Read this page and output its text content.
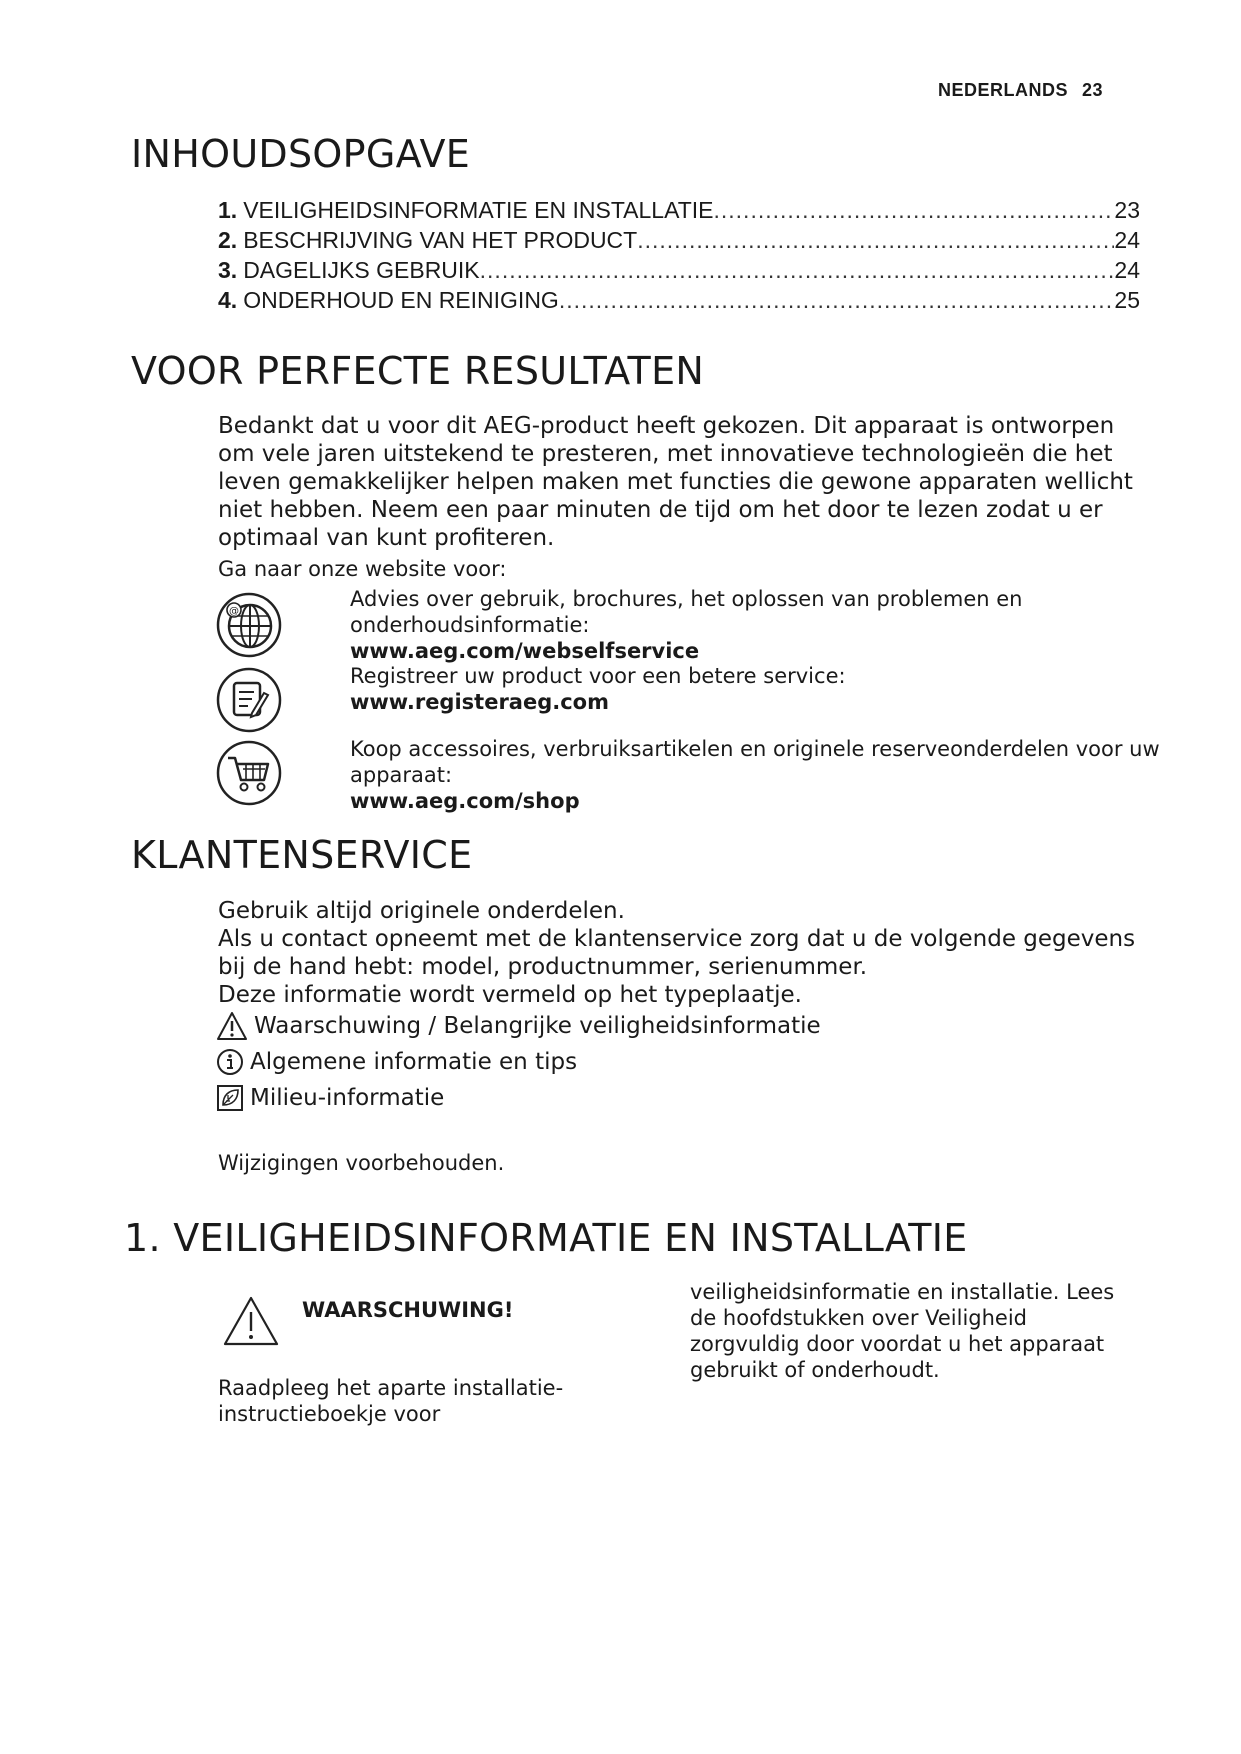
NEDERLANDS 23
INHOUDSOPGAVE
1. VEILIGHEIDSINFORMATIE EN INSTALLATIE .....	23
2. BESCHRIJVING VAN HET PRODUCT .....	24
3. DAGELIJKS GEBRUIK .....	24
4. ONDERHOUD EN REINIGING .....	25
VOOR PERFECTE RESULTATEN
Bedankt dat u voor dit AEG-product heeft gekozen. Dit apparaat is ontworpen
om vele jaren uitstekend te presteren, met innovatieve technologieën die het
leven gemakkelijker helpen maken met functies die gewone apparaten wellicht
niet hebben. Neem een paar minuten de tijd om het door te lezen zodat u er
optimaal van kunt profiteren.
Ga naar onze website voor:
@
Advies over gebruik, brochures, het oplossen van problemen en
onderhoudsinformatie:
www.aeg.com/webselfservice
Registreer uw product voor een betere service:
www.registeraeg.com
Koop accessoires, verbruiksartikelen en originele reserveonderdelen voor uw
apparaat:
www.aeg.com/shop
KLANTENSERVICE
Gebruik altijd originele onderdelen.
Als u contact opneemt met de klantenservice zorg dat u de volgende gegevens
bij de hand hebt: model, productnummer, serienummer.
Deze informatie wordt vermeld op het typeplaatje.
Waarschuwing / Belangrijke veiligheidsinformatie
Algemene informatie en tips
Milieu-informatie
Wijzigingen voorbehouden.
1. VEILIGHEIDSINFORMATIE EN INSTALLATIE
WAARSCHUWING!
Raadpleeg het aparte installatie-
instructieboekje voor
veiligheidsinformatie en installatie. Lees
de hoofdstukken over Veiligheid
zorgvuldig door voordat u het apparaat
gebruikt of onderhoudt.
